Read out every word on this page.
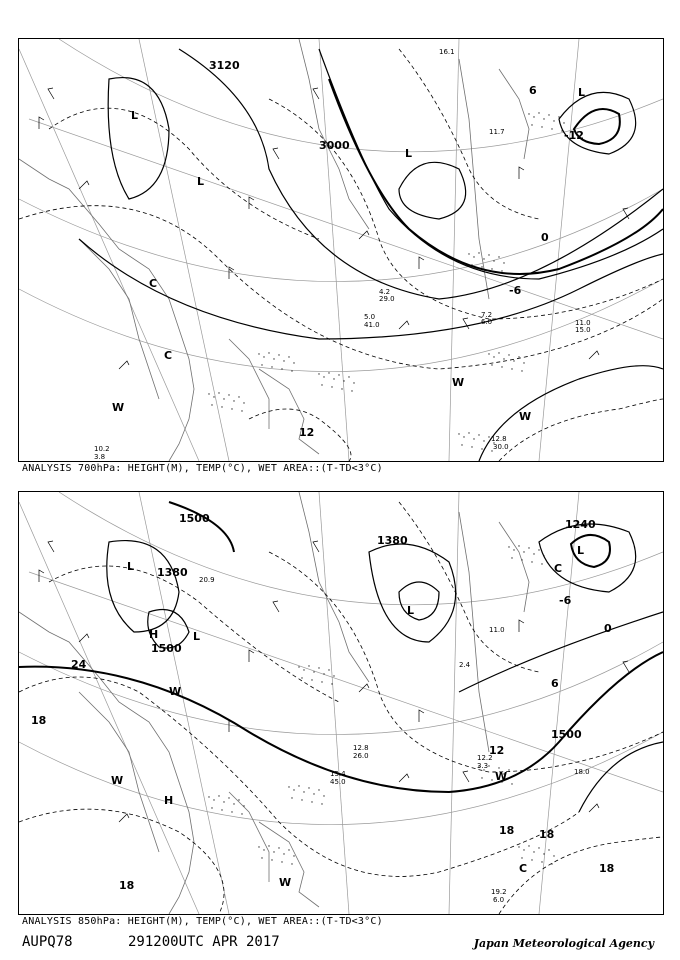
3000
3120
12
0
-6
-12
6
L
L
L
L
W
W
W
C
C
12.8
30.0
11.0
15.0
7.2
6.0
5.0
41.0
4.2
29.0
10.2
3.8
16.1
11.7
ANALYSIS 700hPa: HEIGHT(M), TEMP(°C), WET AREA::(T-TD<3°C)
1500
1500
1380
1500
1380
1240
24
18
18
12
6
0
-6
18 18
18
L
L
L
L
H
H
W
W
W
W
C
C
19.2
6.0
12.8
26.0
15.4
45.0
12.2
3.3
18.0
2.4
20.9
11.0
ANALYSIS 850hPa: HEIGHT(M), TEMP(°C), WET AREA::(T-TD<3°C)
AUPQ78	291200UTC APR 2017	Japan Meteorological Agency
